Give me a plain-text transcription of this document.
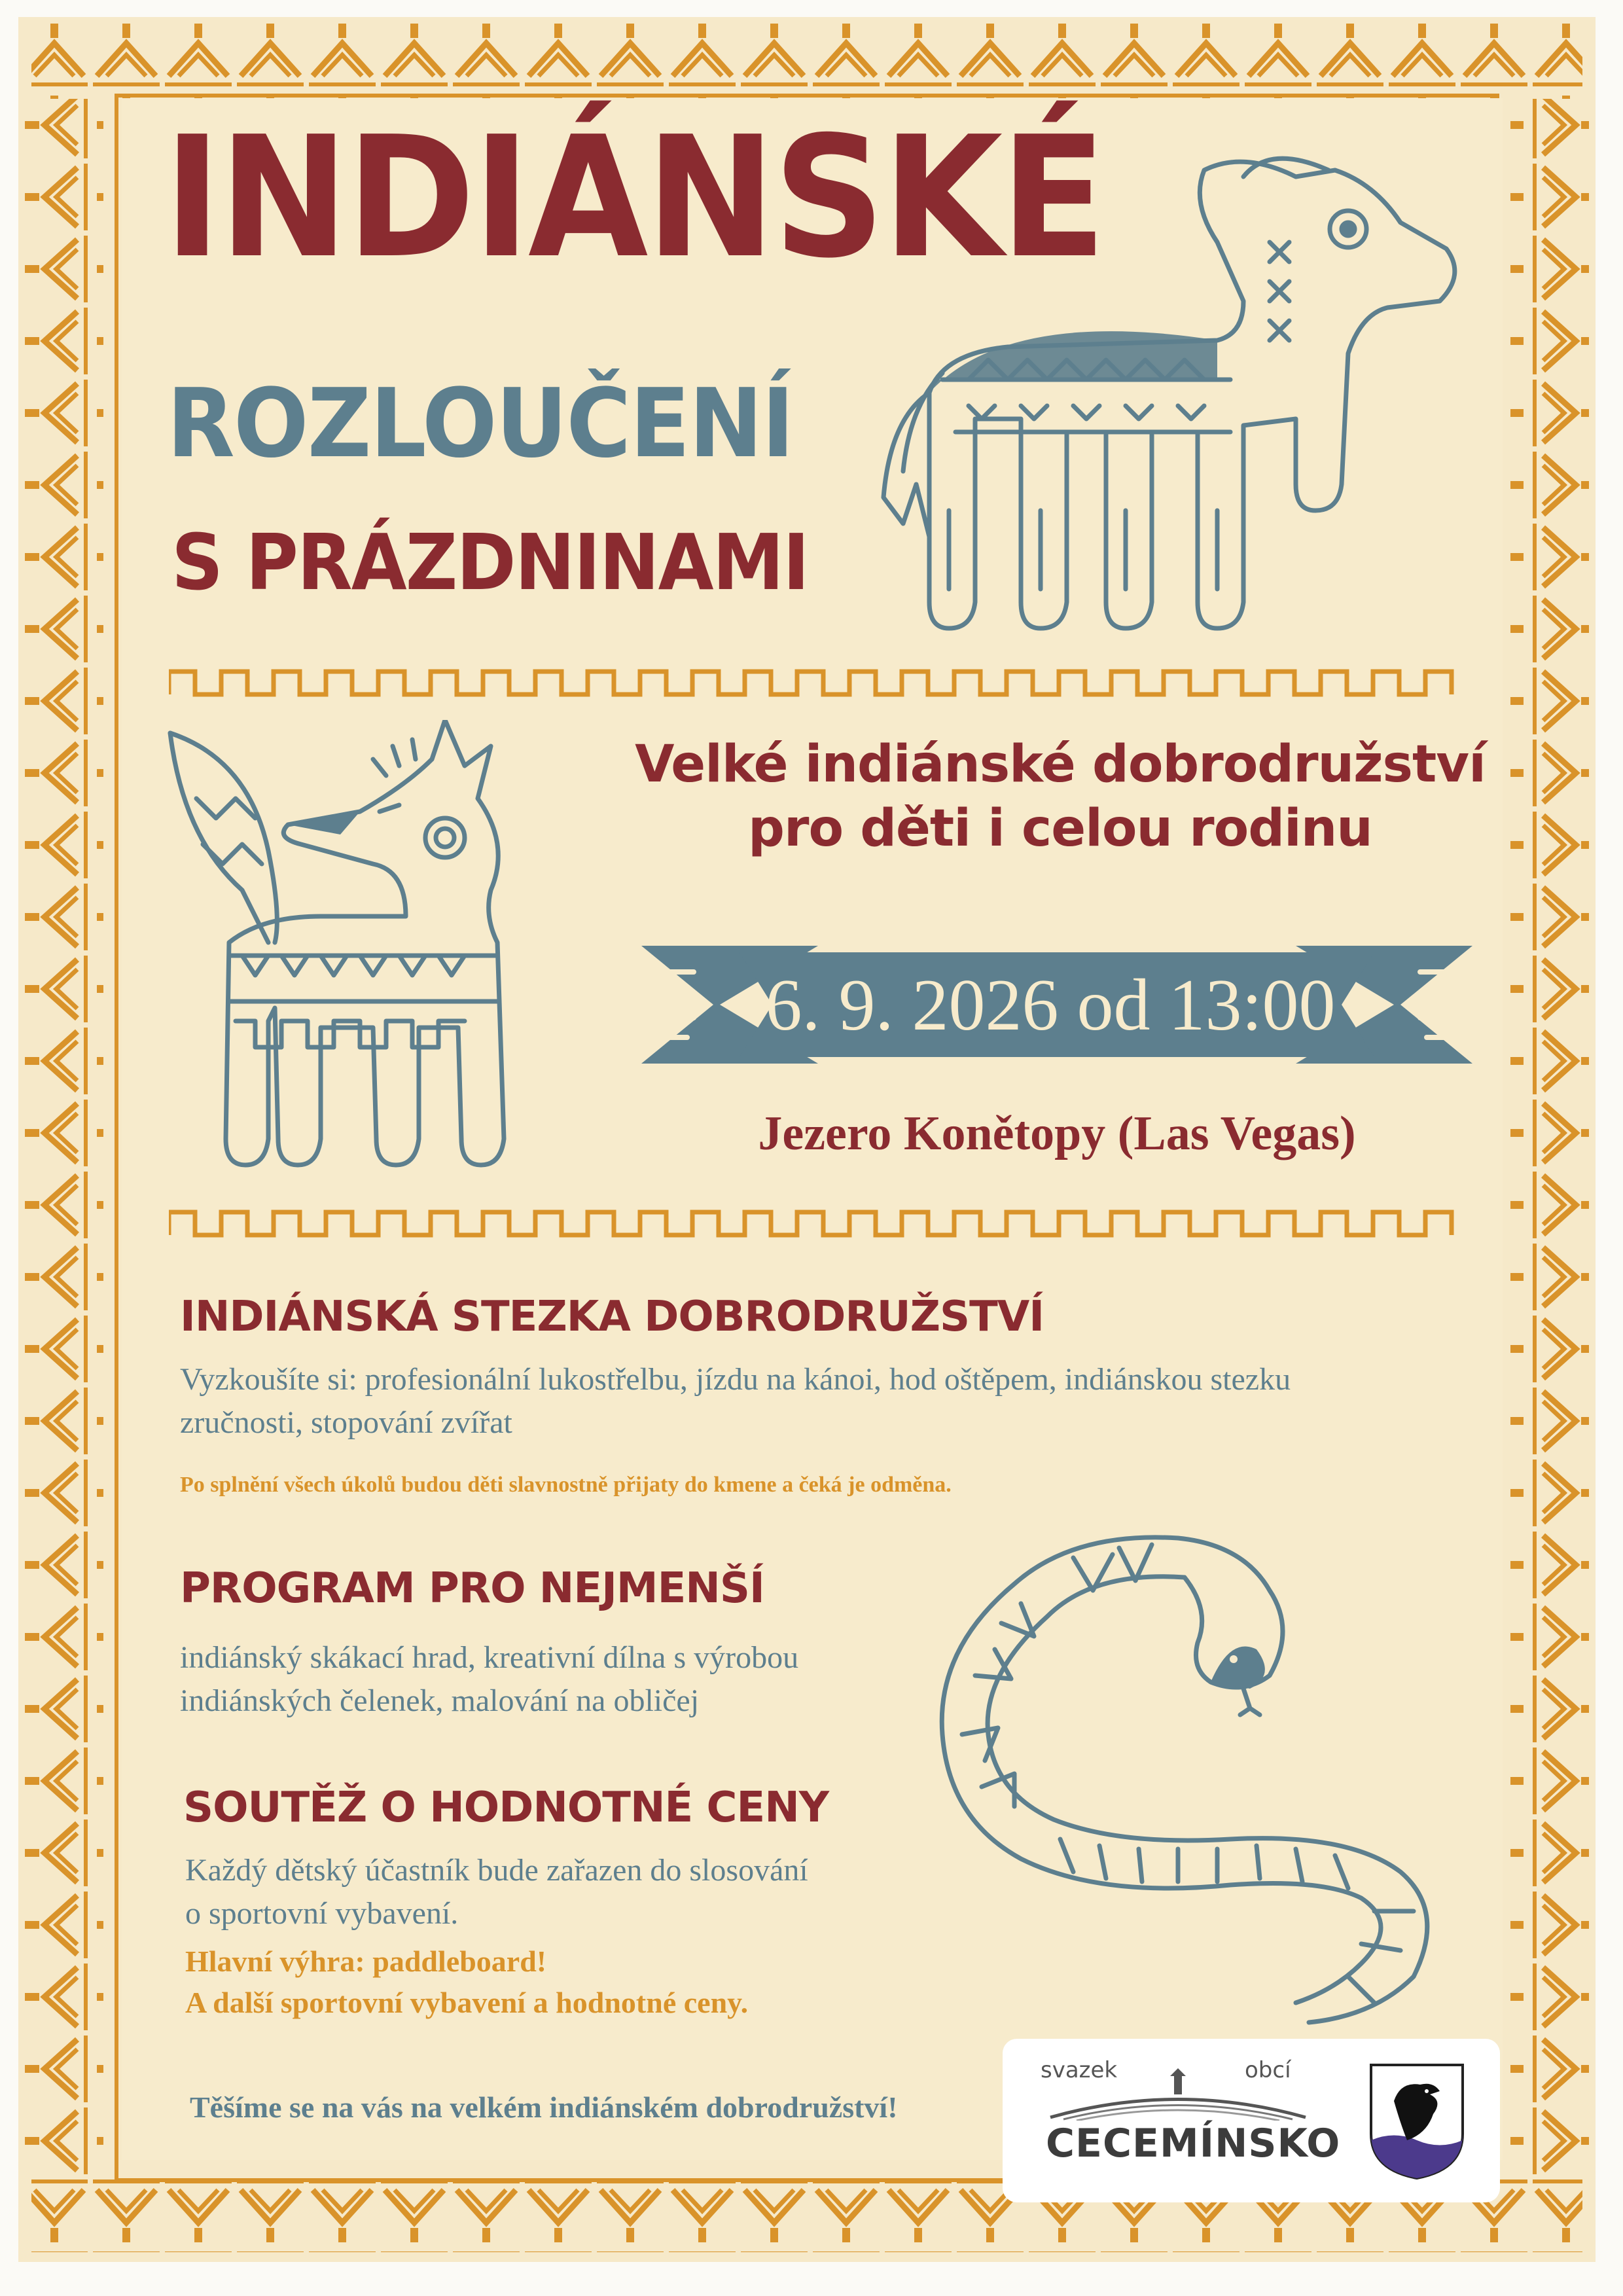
INDIÁNSKÉ
ROZLOUČENÍ
S PRÁZDNINAMI
Velké indiánské dobrodružství
pro děti i celou rodinu
6. 9. 2026 od 13:00
Jezero Konětopy (Las Vegas)
INDIÁNSKÁ STEZKA DOBRODRUŽSTVÍ
Vyzkoušíte si: profesionální lukostřelbu, jízdu na kánoi, hod oštěpem, indiánskou stezku
zručnosti, stopování zvířat
Po splnění všech úkolů budou děti slavnostně přijaty do kmene a čeká je odměna.
PROGRAM PRO NEJMENŠÍ
indiánský skákací hrad, kreativní dílna s výrobou
indiánských čelenek, malování na obličej
SOUTĚŽ O HODNOTNÉ CENY
Každý dětský účastník bude zařazen do slosování
o sportovní vybavení.
Hlavní výhra: paddleboard!
A další sportovní vybavení a hodnotné ceny.
Těšíme se na vás na velkém indiánském dobrodružství!
svazek	obcí
CECEMÍNSKO
